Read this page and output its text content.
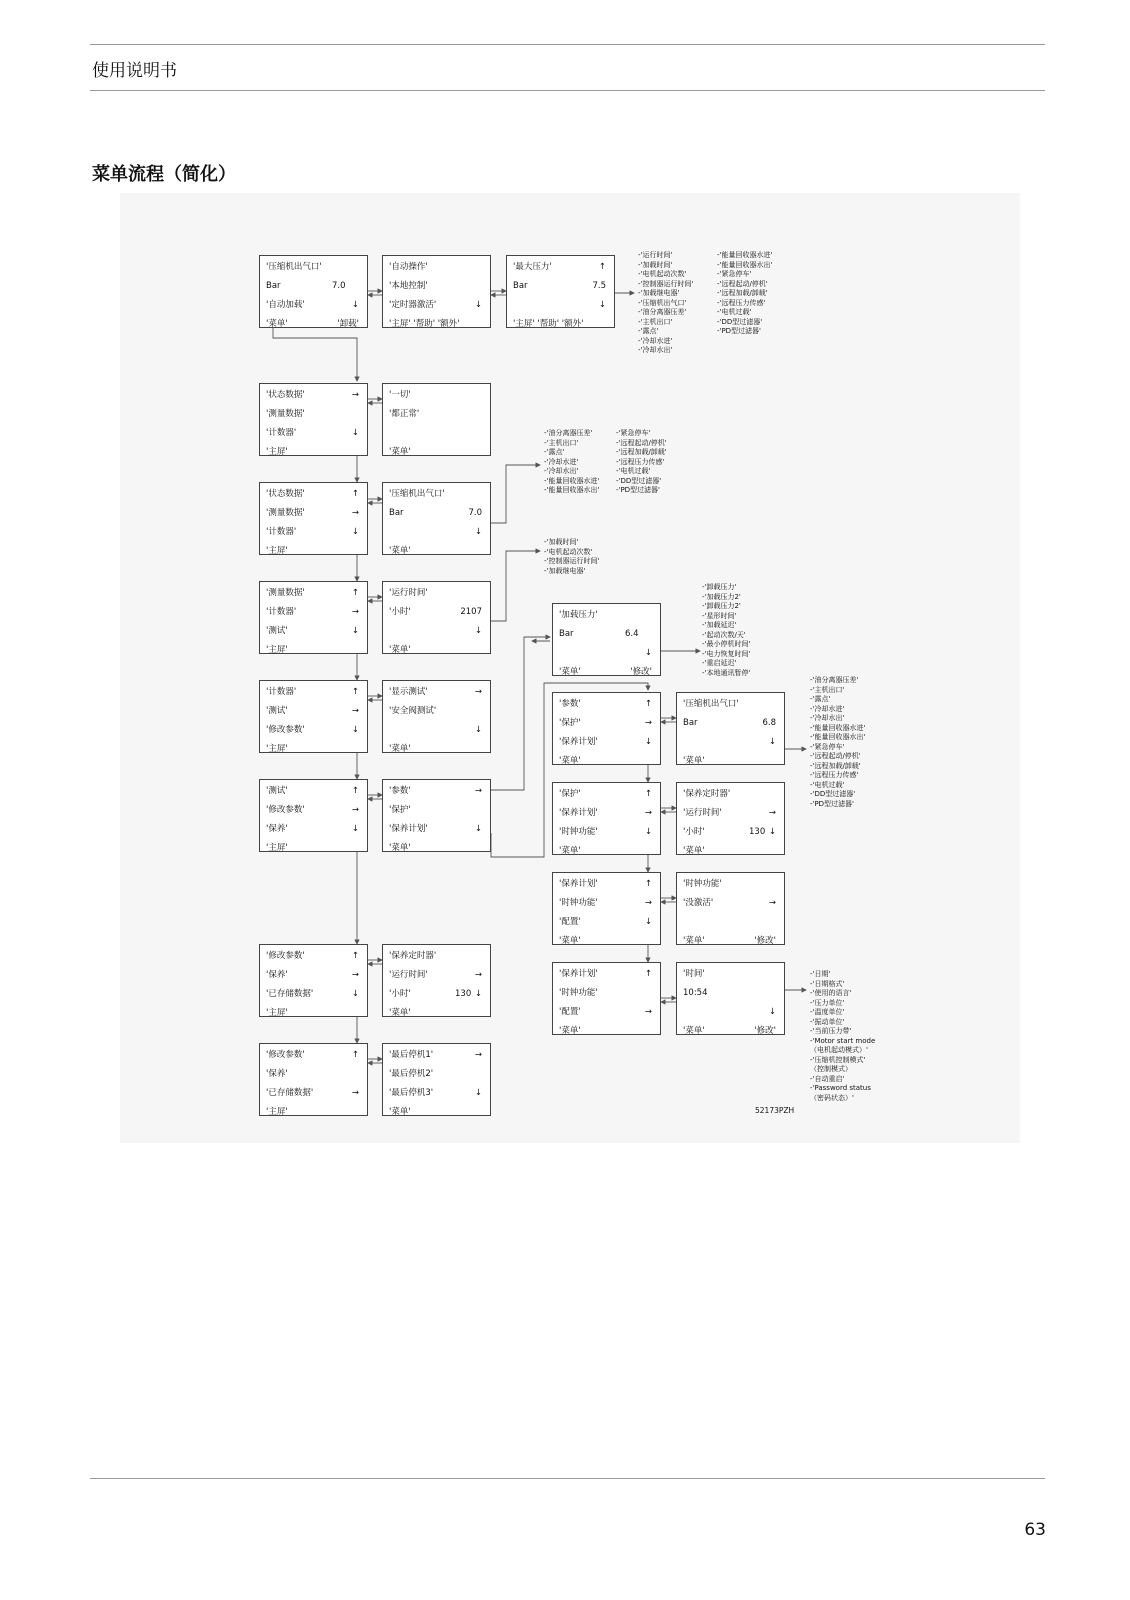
使用说明书
菜单流程（简化）
'压缩机出气口'
Bar	7.0
'自动加载'	↓
'菜单'	'卸载'
'自动操作'
'本地控制'
'定时器激活'	↓
'主屏' '帮助' '额外'
'最大压力'	↑
Bar	7.5
↓
'主屏' '帮助' '额外'
'状态数据'	→
'测量数据'
'计数器'	↓
'主屏'
'一切'
'都正常'
'菜单'
'状态数据'	↑
'测量数据'	→
'计数器'	↓
'主屏'
'压缩机出气口'
Bar	7.0
↓
'菜单'
'测量数据'	↑
'计数器'	→
'测试'	↓
'主屏'
'运行时间'
'小时'	2107
↓
'菜单'
'计数器'	↑
'测试'	→
'修改参数'	↓
'主屏'
'显示测试'	→
'安全阀测试'
↓
'菜单'
'测试'	↑
'修改参数'	→
'保养'	↓
'主屏'
'参数'	→
'保护'
'保养计划'	↓
'菜单'
'修改参数'	↑
'保养'	→
'已存储数据'	↓
'主屏'
'保养定时器'
'运行时间'	→
'小时'	130 ↓
'菜单'
'修改参数'	↑
'保养'
'已存储数据'	→
'主屏'
'最后停机1'	→
'最后停机2'
'最后停机3'	↓
'菜单'
'加载压力'
Bar	6.4
↓
'菜单'	'修改'
'参数'	↑
'保护'	→
'保养计划'	↓
'菜单'
'压缩机出气口'
Bar	6.8
↓
'菜单'
'保护'	↑
'保养计划'	→
'时钟功能'	↓
'菜单'
'保养定时器'
'运行时间'	→
'小时'	130 ↓
'菜单'
'保养计划'	↑
'时钟功能'	→
'配置'	↓
'菜单'
'时钟功能'
'没激活'	→
'菜单'	'修改'
'保养计划'	↑
'时钟功能'
'配置'	→
'菜单'
'时间'
10:54
↓
'菜单'	'修改'
-'运行时间'
-'加载时间'
-'电机起动次数'
-'控制器运行时间'
-'加载继电器'
-'压缩机出气口'
-'油分离器压差'
-'主机出口'
-'露点'
-'冷却水进'
-'冷却水出'
-'能量回收器水进'
-'能量回收器水出'
-'紧急停车'
-'远程起动/停机'
-'远程加载/卸载'
-'远程压力传感'
-'电机过载'
-'DD型过滤器'
-'PD型过滤器'
-'油分离器压差'
-'主机出口'
-'露点'
-'冷却水进'
-'冷却水出'
-'能量回收器水进'
-'能量回收器水出'
-'紧急停车'
-'远程起动/停机'
-'远程加载/卸载'
-'远程压力传感'
-'电机过载'
-'DD型过滤器'
-'PD型过滤器'
-'加载时间'
-'电机起动次数'
-'控制器运行时间'
-'加载继电器'
-'卸载压力'
-'加载压力2'
-'卸载压力2'
-'星形时间'
-'加载延迟'
-'起动次数/天'
-'最小停机时间'
-'电力恢复时间'
-'重启延迟'
-'本地通讯暂停'
-'油分离器压差'
-'主机出口'
-'露点'
-'冷却水进'
-'冷却水出'
-'能量回收器水进'
-'能量回收器水出'
-'紧急停车'
-'远程起动/停机'
-'远程加载/卸载'
-'远程压力传感'
-'电机过载'
-'DD型过滤器'
-'PD型过滤器'
-'日期'
-'日期格式'
-'使用的语言'
-'压力单位'
-'温度单位'
-'振动单位'
-'当前压力带'
-'Motor start mode
（电机起动模式）'
-'压缩机控制模式'
（控制模式）
-'自动重启'
-'Password status
（密码状态）'
52173PZH
63
